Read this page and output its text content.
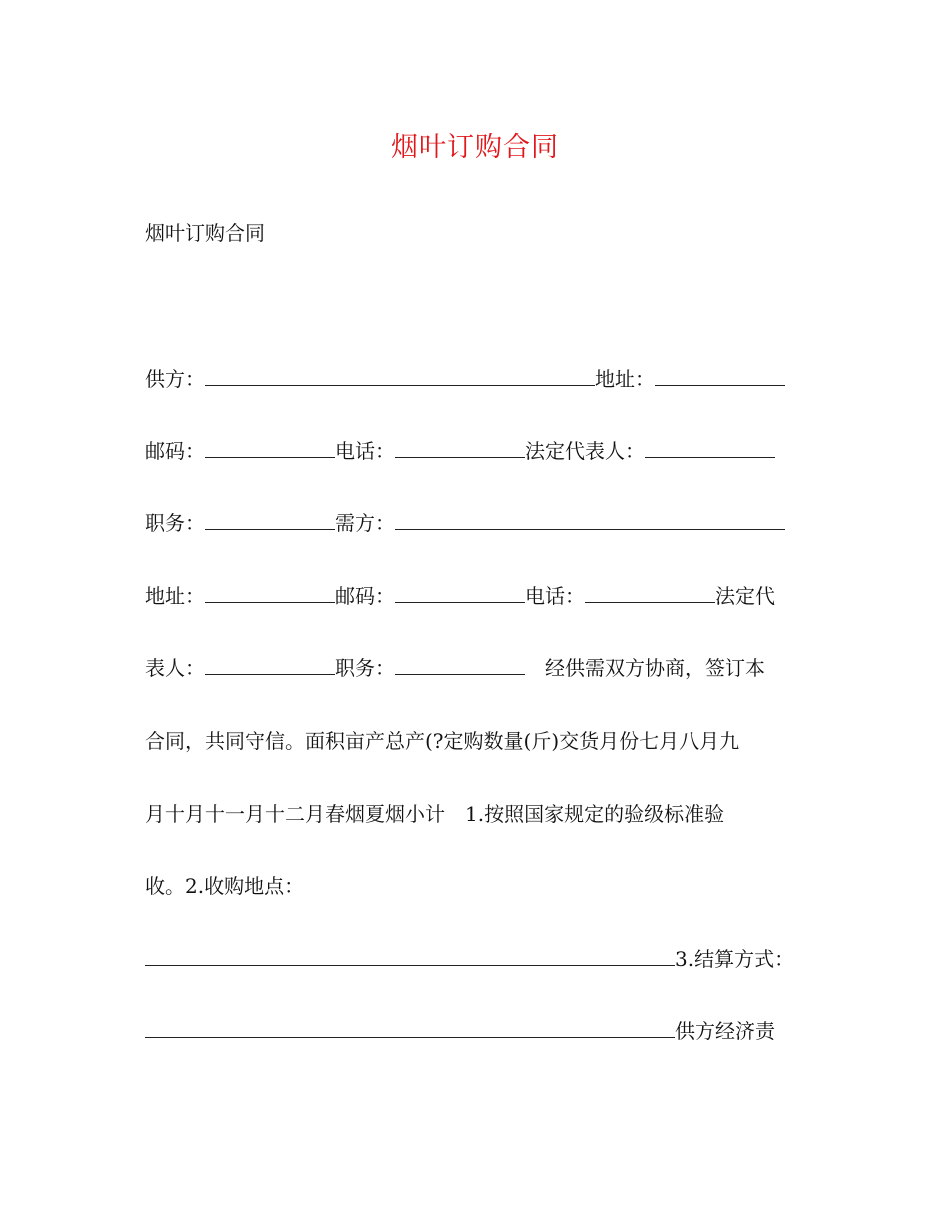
烟叶订购合同
烟叶订购合同
供方：	地址：
邮码：	电话：	法定代表人：
职务：	需方：
地址：	邮码：	电话：	法定代
表人：	职务：	经供需双方协商，签订本
合同，共同守信。面积亩产总产(?定购数量(斤)交货月份七月八月九
月十月十一月十二月春烟夏烟小计　1.按照国家规定的验级标准验
收。2.收购地点：
3.结算方式：
供方经济责
